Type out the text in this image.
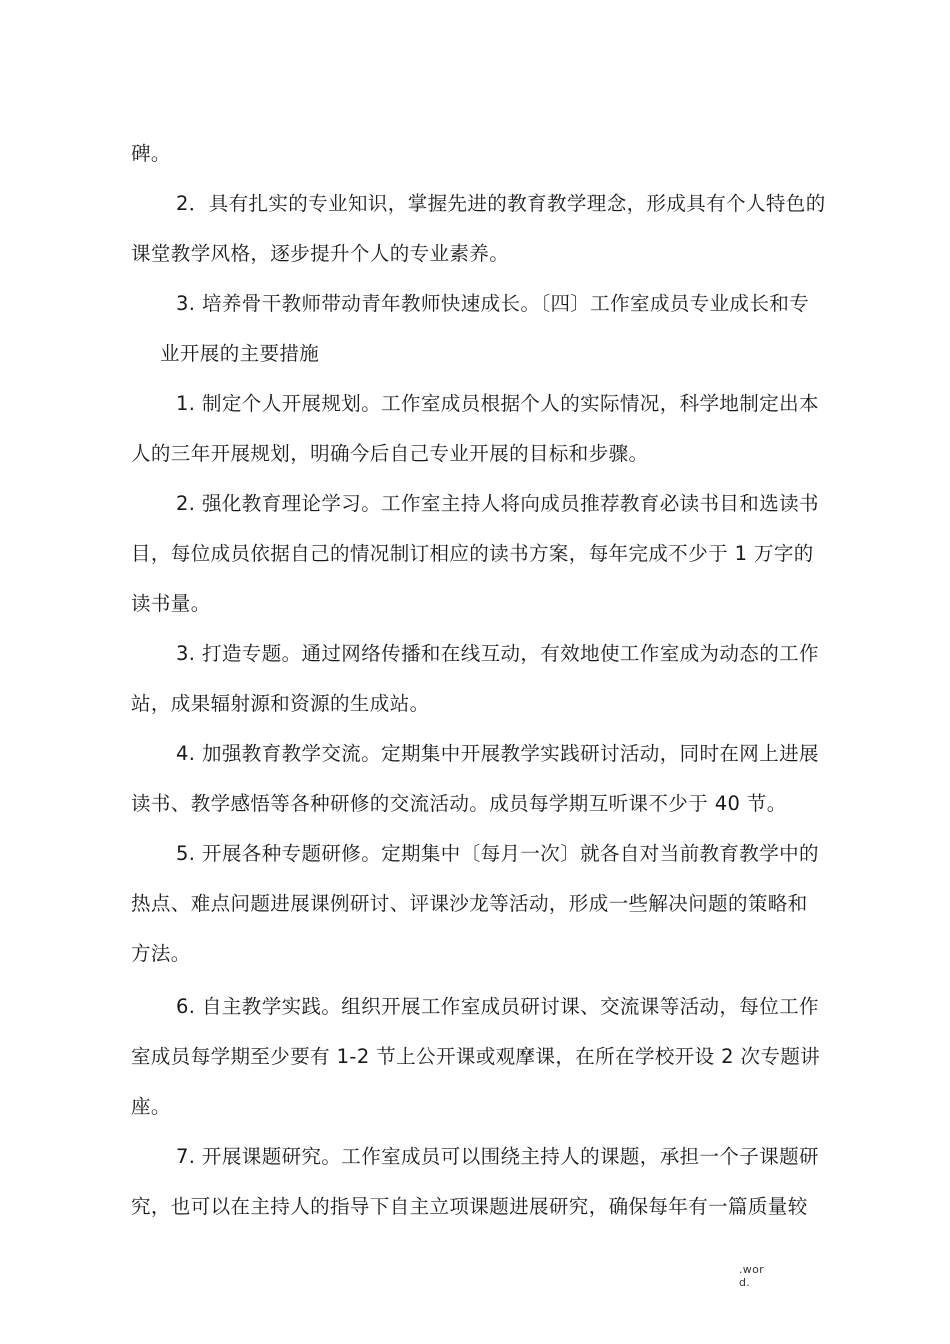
碑。
2．具有扎实的专业知识，掌握先进的教育教学理念，形成具有个人特色的
课堂教学风格，逐步提升个人的专业素养。
3. 培养骨干教师带动青年教师快速成长。〔四〕工作室成员专业成长和专
业开展的主要措施
1. 制定个人开展规划。工作室成员根据个人的实际情况，科学地制定出本
人的三年开展规划，明确今后自己专业开展的目标和步骤。
2. 强化教育理论学习。工作室主持人将向成员推荐教育必读书目和选读书
目，每位成员依据自己的情况制订相应的读书方案，每年完成不少于 1 万字的
读书量。
3. 打造专题。通过网络传播和在线互动，有效地使工作室成为动态的工作
站，成果辐射源和资源的生成站。
4. 加强教育教学交流。定期集中开展教学实践研讨活动，同时在网上进展
读书、教学感悟等各种研修的交流活动。成员每学期互听课不少于 40 节。
5. 开展各种专题研修。定期集中〔每月一次〕就各自对当前教育教学中的
热点、难点问题进展课例研讨、评课沙龙等活动，形成一些解决问题的策略和
方法。
6. 自主教学实践。组织开展工作室成员研讨课、交流课等活动，每位工作
室成员每学期至少要有 1-2 节上公开课或观摩课，在所在学校开设 2 次专题讲
座。
7. 开展课题研究。工作室成员可以围绕主持人的课题，承担一个子课题研
究，也可以在主持人的指导下自主立项课题进展研究，确保每年有一篇质量较
.wor
d.
